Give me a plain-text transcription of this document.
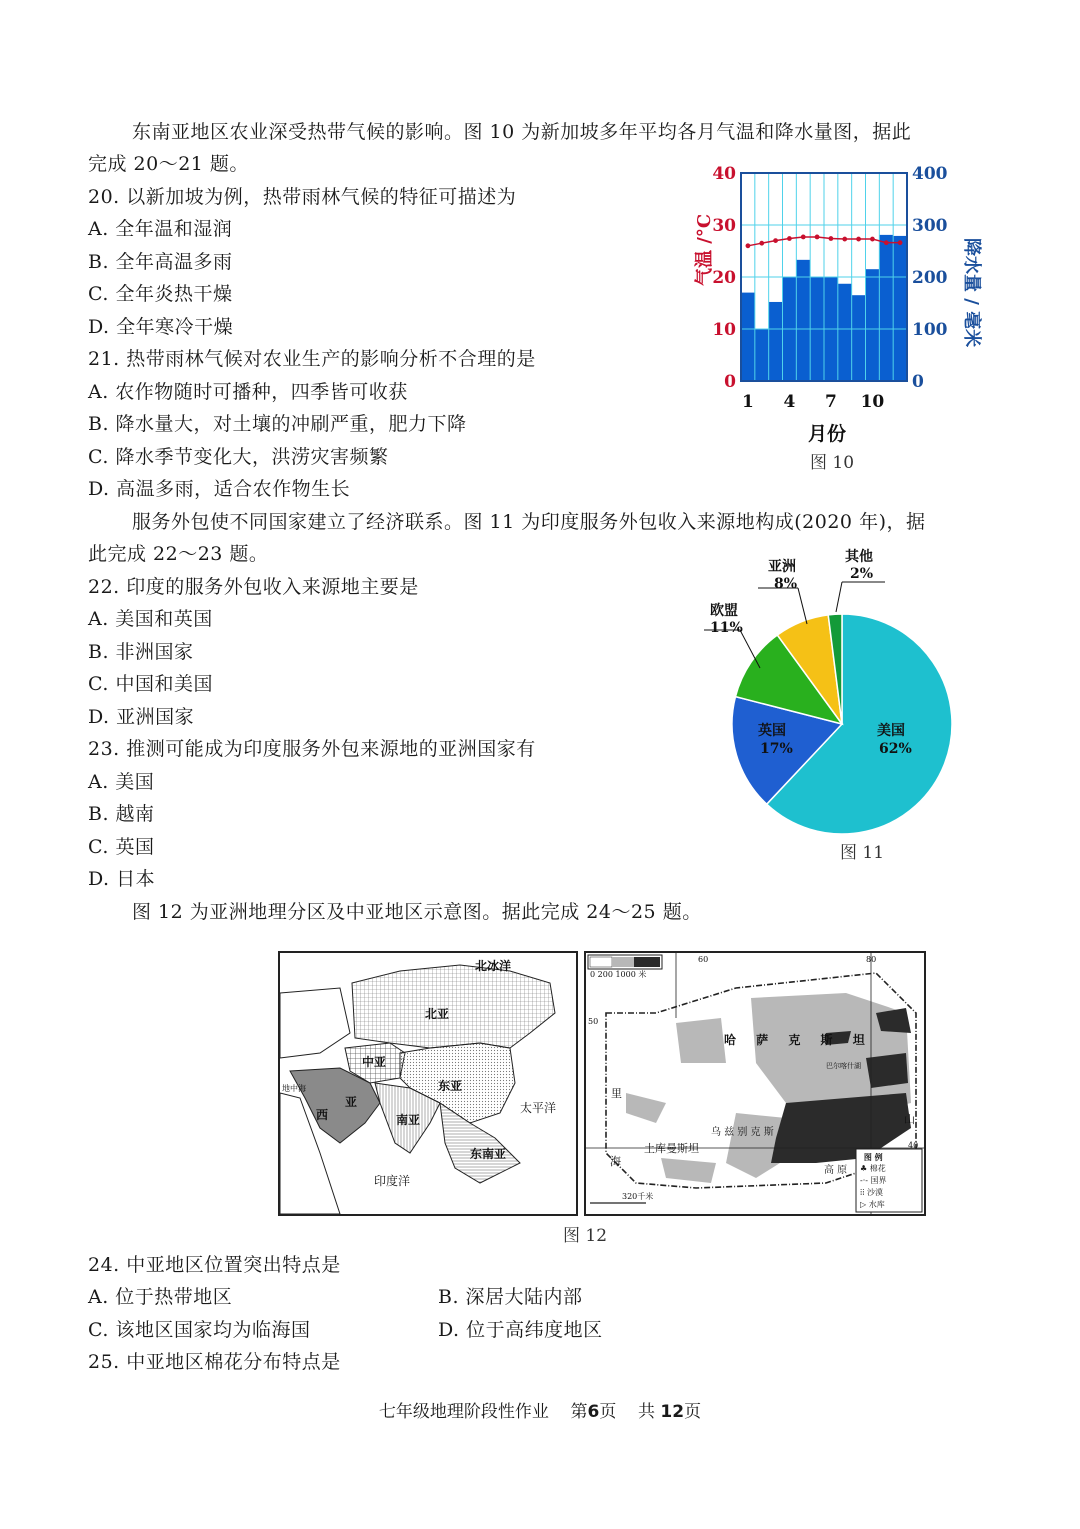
东南亚地区农业深受热带气候的影响。图 10 为新加坡多年平均各月气温和降水量图，据此
完成 20～21 题。
20. 以新加坡为例，热带雨林气候的特征可描述为
A. 全年温和湿润
B. 全年高温多雨
C. 全年炎热干燥
D. 全年寒冷干燥
21. 热带雨林气候对农业生产的影响分析不合理的是
A. 农作物随时可播种，四季皆可收获
B. 降水量大，对土壤的冲刷严重，肥力下降
C. 降水季节变化大，洪涝灾害频繁
D. 高温多雨，适合农作物生长
0
10
20
30
40
0
100
200
300
400
1 4 7 10
气温 /°C	降水量 / 毫米
月份
图 10
服务外包使不同国家建立了经济联系。图 11 为印度服务外包收入来源地构成(2020 年)，据
此完成 22～23 题。
22. 印度的服务外包收入来源地主要是
A. 美国和英国
B. 非洲国家
C. 中国和美国
D. 亚洲国家
23. 推测可能成为印度服务外包来源地的亚洲国家有
A. 美国
B. 越南
C. 英国
D. 日本
欧盟
11%
亚洲
8%
其他
2%
英国
17%
美国
62%
图 11
图 12 为亚洲地理分区及中亚地区示意图。据此完成 24～25 题。
北冰洋
北亚
中亚
东亚
西
亚
南亚
东南亚
太平洋
印度洋
地中海
0 200 1000 米
60	80
50
40
哈 萨 克 斯 坦
土库曼斯坦
乌 兹 别 克 斯
里
海
山
高 原
巴尔喀什湖
320千米
图 例
♣ 棉花
-·- 国界
⁞⁞ 沙漠
▷ 水库
图 12
24. 中亚地区位置突出特点是
A. 位于热带地区	B. 深居大陆内部
C. 该地区国家均为临海国	D. 位于高纬度地区
25. 中亚地区棉花分布特点是
七年级地理阶段性作业 第6页 共 12页
